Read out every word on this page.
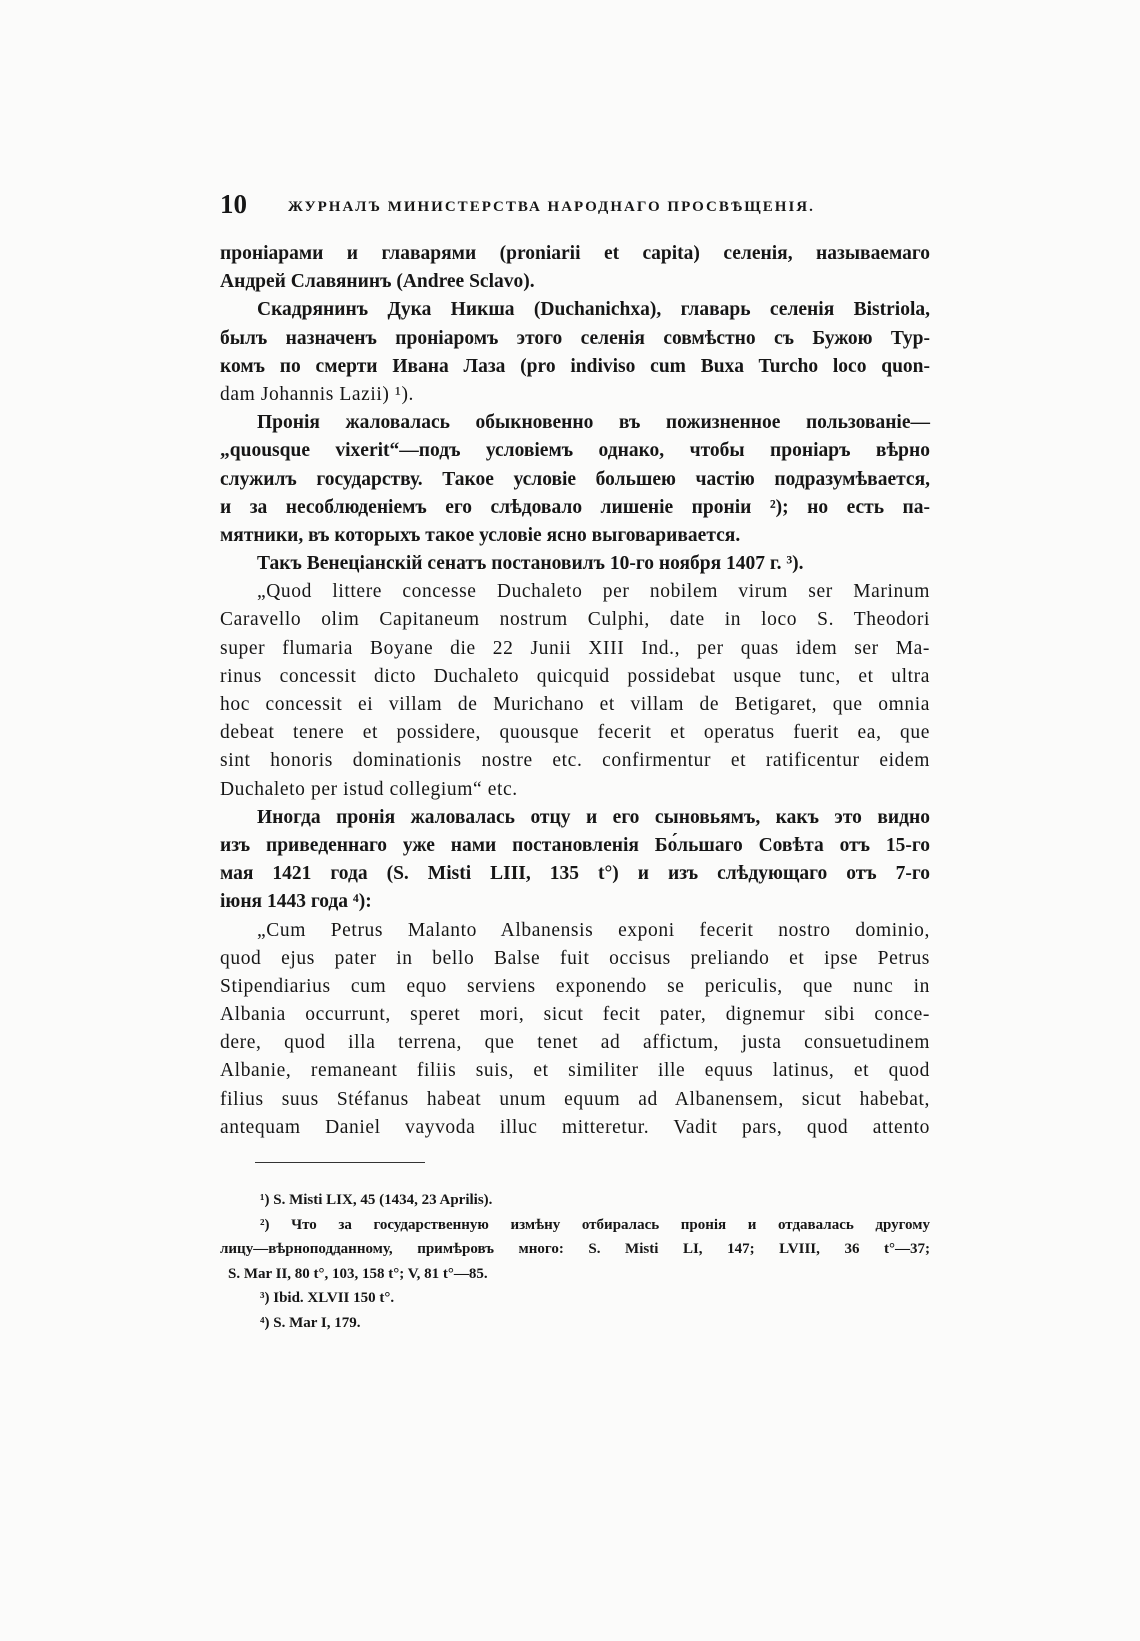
10	ЖУРНАЛЪ МИНИСТЕРСТВА НАРОДНАГО ПРОСВѢЩЕНІЯ.
проніарами и главарями (proniarii et capita) селенія, называемаго
Андрей Славянинъ (Andree Sclavo).
Скадрянинъ Дука Никша (Duchanichxa), главарь селенія Bistriola,
былъ назначенъ проніаромъ этого селенія совмѣстно съ Бужою Тур-
комъ по смерти Ивана Лаза (pro indiviso cum Buxa Turcho loco quon-
dam Johannis Lazii) ¹).
Пронія жаловалась обыкновенно въ пожизненное пользованіе—
„quousque vixerit“—подъ условіемъ однако, чтобы проніаръ вѣрно
служилъ государству. Такое условіе большею частію подразумѣвается,
и за несоблюденіемъ его слѣдовало лишеніе проніи ²); но есть па-
мятники, въ которыхъ такое условіе ясно выговаривается.
Такъ Венеціанскій сенатъ постановилъ 10-го ноября 1407 г. ³).
„Quod littere concesse Duchaleto per nobilem virum ser Marinum
Caravello olim Capitaneum nostrum Culphi, date in loco S. Theodori
super flumaria Boyane die 22 Junii XIII Ind., per quas idem ser Ma-
rinus concessit dicto Duchaleto quicquid possidebat usque tunc, et ultra
hoc concessit ei villam de Murichano et villam de Betigaret, que omnia
debeat tenere et possidere, quousque fecerit et operatus fuerit ea, que
sint honoris dominationis nostre etc. confirmentur et ratificentur eidem
Duchaleto per istud collegium“ etc.
Иногда пронія жаловалась отцу и его сыновьямъ, какъ это видно
изъ приведеннаго уже нами постановленія Бо́льшаго Совѣта отъ 15-го
мая 1421 года (S. Misti LIII, 135 t°) и изъ слѣдующаго отъ 7-го
іюня 1443 года ⁴):
„Cum Petrus Malanto Albanensis exponi fecerit nostro dominio,
quod ejus pater in bello Balse fuit occisus preliando et ipse Petrus
Stipendiarius cum equo serviens exponendo se periculis, que nunc in
Albania occurrunt, speret mori, sicut fecit pater, dignemur sibi conce-
dere, quod illa terrena, que tenet ad affictum, justa consuetudinem
Albanie, remaneant filiis suis, et similiter ille equus latinus, et quod
filius suus Stéfanus habeat unum equum ad Albanensem, sicut habebat,
antequam Daniel vayvoda illuc mitteretur. Vadit pars, quod attento
¹) S. Misti LIX, 45 (1434, 23 Aprilis).
²) Что за государственную измѣну отбиралась пронія и отдавалась другому
лицу—вѣрноподданному, примѣровъ много: S. Misti LI, 147; LVIII, 36 t°—37;
S. Mar II, 80 t°, 103, 158 t°; V, 81 t°—85.
³) Ibid. XLVII 150 t°.
⁴) S. Mar I, 179.
